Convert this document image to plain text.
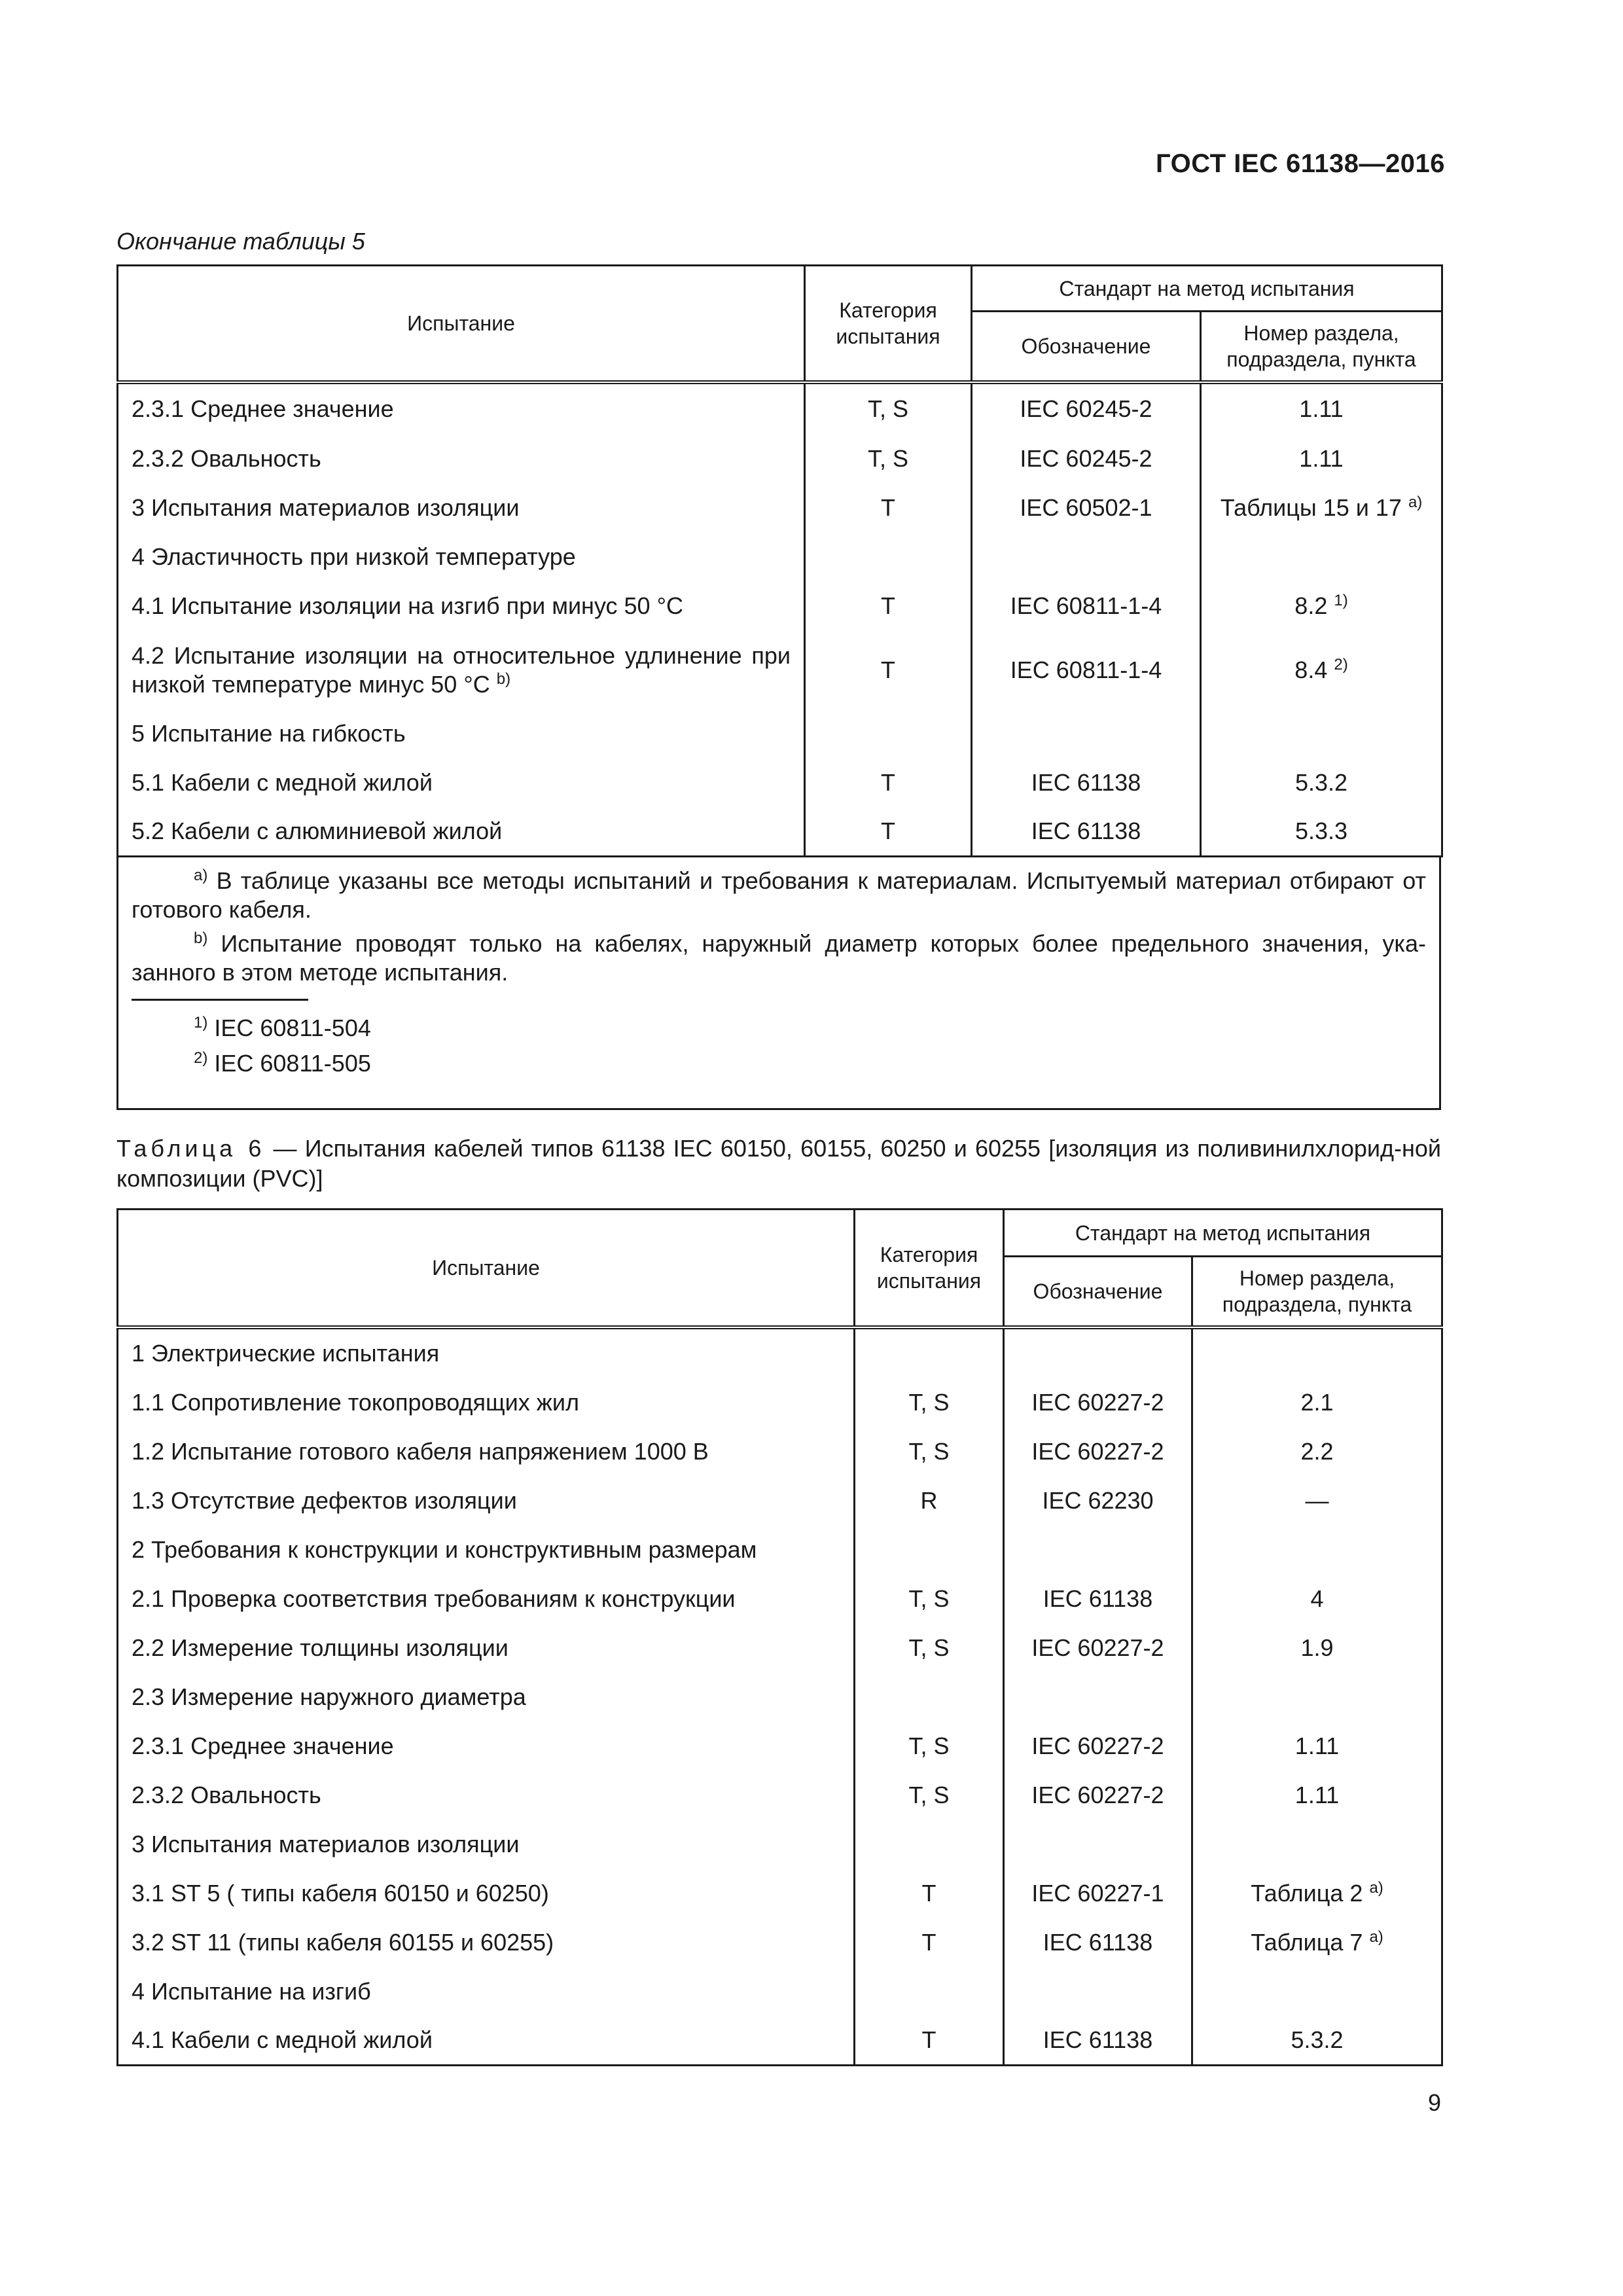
ГОСТ IEC 61138—2016
Окончание таблицы 5
Испытание	Категория испытания	Стандарт на метод испытания	
		Обозначение	Номер раздела, подраздела, пункта
2.3.1 Среднее значение	T, S	IEC 60245-2	1.11
2.3.2 Овальность	T, S	IEC 60245-2	1.11
3 Испытания материалов изоляции	T	IEC 60502-1	Таблицы 15 и 17 $^{а)}$
4 Эластичность при низкой температуре			
4.1 Испытание изоляции на изгиб при минус 50 °С	T	IEC 60811-1-4	8.2 $^{1)}$
4.2 Испытание изоляции на относительное удлинение при низкой температуре минус 50 °С $^{b)}$	T	IEC 60811-1-4	8.4 $^{2)}$
5 Испытание на гибкость			
5.1 Кабели с медной жилой	T	IEC 61138	5.3.2
5.2 Кабели с алюминиевой жилой	T	IEC 61138	5.3.3

$^{а)}$ В таблице указаны все методы испытаний и требования к материалам. Испытуемый материал отбирают от готового кабеля.

$^{b)}$ Испытание проводят только на кабелях, наружный диаметр которых более предельного значения, ука-занного в этом методе испытания.

$^{1)}$ IEC 60811-504

$^{2)}$ IEC 60811-505

Таблица 6 — Испытания кабелей типов 61138 IEC 60150, 60155, 60250 и 60255 [изоляция из поливинилхлорид-ной композиции (PVC)]
Испытание	Категория испытания	Стандарт на метод испытания	
		Обозначение	Номер раздела, подраздела, пункта
1 Электрические испытания			
1.1 Сопротивление токопроводящих жил	T, S	IEC 60227-2	2.1
1.2 Испытание готового кабеля напряжением 1000 В	T, S	IEC 60227-2	2.2
1.3 Отсутствие дефектов изоляции	R	IEC 62230	—
2 Требования к конструкции и конструктивным размерам			
2.1 Проверка соответствия требованиям к конструкции	T, S	IEC 61138	4
2.2 Измерение толщины изоляции	T, S	IEC 60227-2	1.9
2.3 Измерение наружного диаметра			
2.3.1 Среднее значение	T, S	IEC 60227-2	1.11
2.3.2 Овальность	T, S	IEC 60227-2	1.11
3 Испытания материалов изоляции			
3.1 ST 5 ( типы кабеля 60150 и 60250)	T	IEC 60227-1	Таблица 2 $^{а)}$
3.2 ST 11 (типы кабеля 60155 и 60255)	T	IEC 61138	Таблица 7 $^{а)}$
4 Испытание на изгиб			
4.1 Кабели с медной жилой	T	IEC 61138	5.3.2
9
